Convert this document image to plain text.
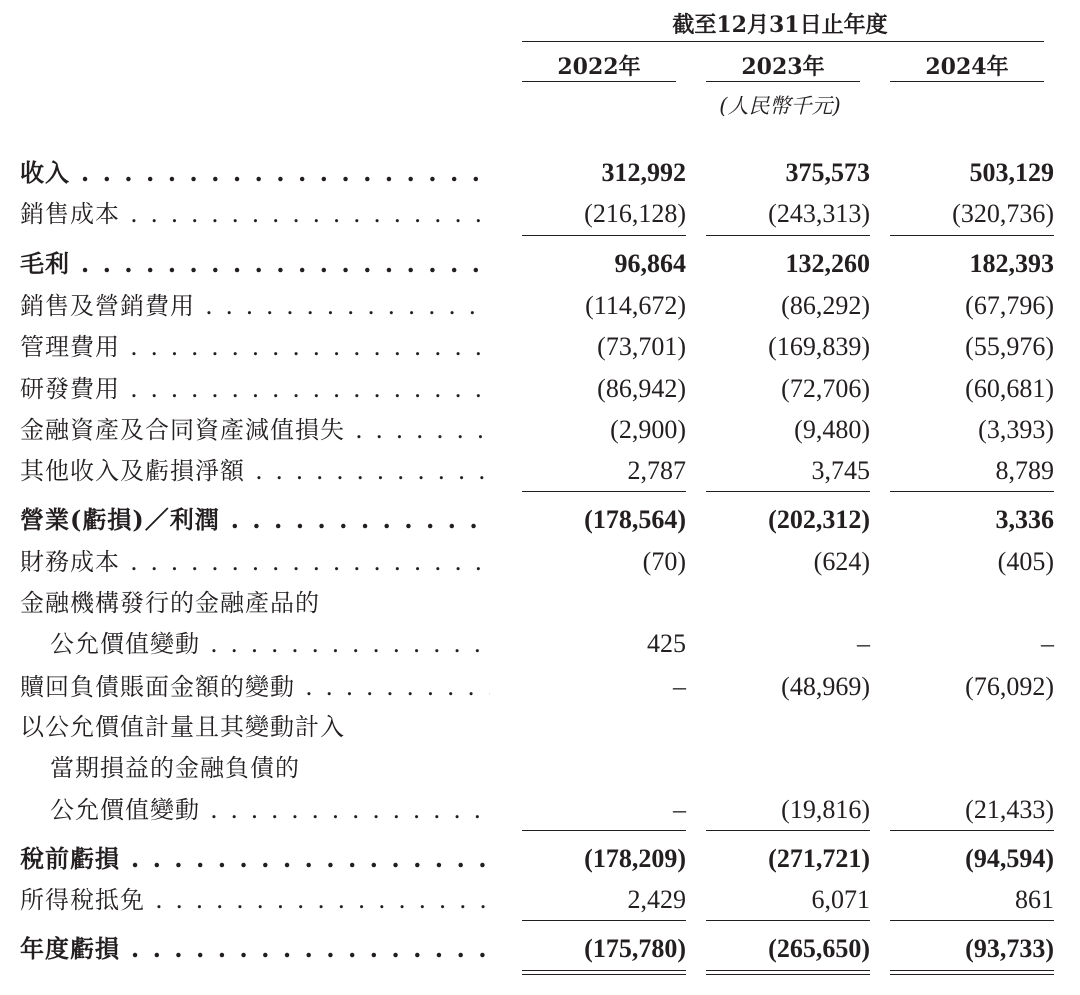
截至12月31日止年度
2022年	2023年	2024年
(人民幣千元)
收入 . . .	312,992	375,573	503,129
銷售成本 . . .	(216,128)	(243,313)	(320,736)
毛利 . . .	96,864	132,260	182,393
銷售及營銷費用 . . .	(114,672)	(86,292)	(67,796)
管理費用 . . .	(73,701)	(169,839)	(55,976)
研發費用 . . .	(86,942)	(72,706)	(60,681)
金融資產及合同資產減值損失 . . .	(2,900)	(9,480)	(3,393)
其他收入及虧損淨額 . . .	2,787	3,745	8,789
營業(虧損)／利潤 . . .	(178,564)	(202,312)	3,336
財務成本 . . .	(70)	(624)	(405)
金融機構發行的金融產品的
公允價值變動 . . .	425	–	–
贖回負債賬面金額的變動 . . .	–	(48,969)	(76,092)
以公允價值計量且其變動計入
當期損益的金融負債的
公允價值變動 . . .	–	(19,816)	(21,433)
稅前虧損 . . .	(178,209)	(271,721)	(94,594)
所得稅抵免 . . .	2,429	6,071	861
年度虧損 . . .	(175,780)	(265,650)	(93,733)
